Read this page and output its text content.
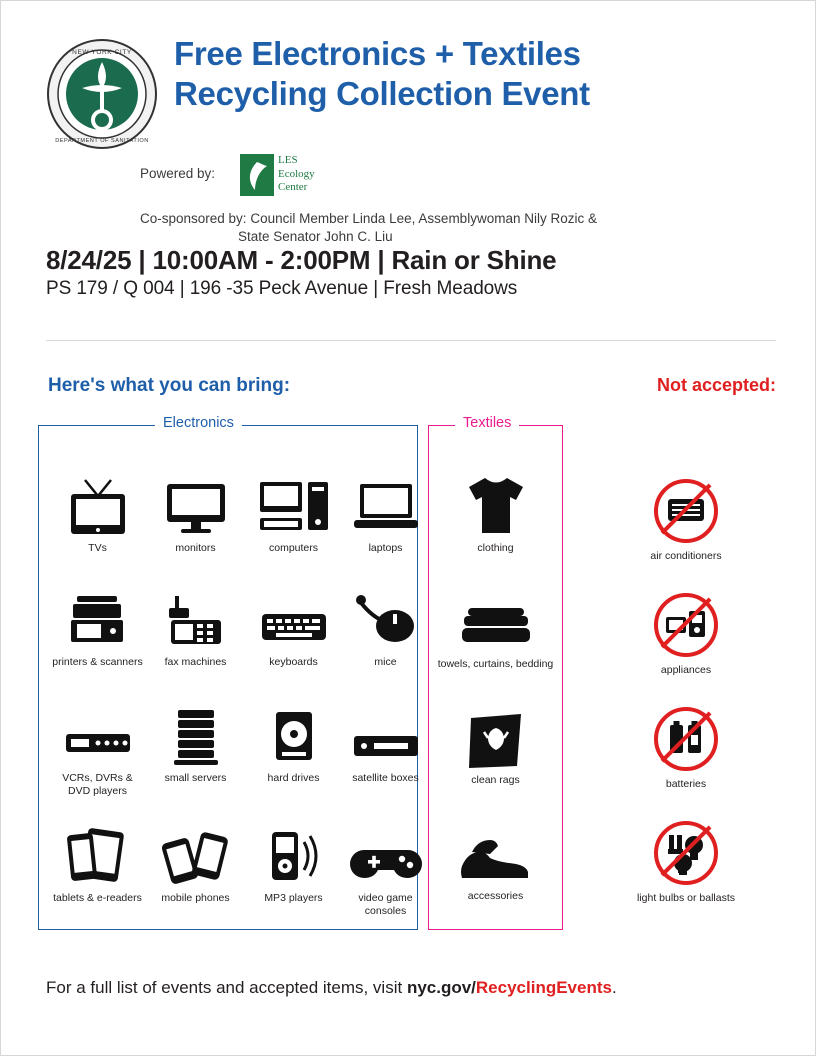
NEW YORK CITY
DEPARTMENT OF SANITATION
Free Electronics + Textiles
Recycling Collection Event
Powered by:
LES
Ecology
Center
Co-sponsored by: Council Member Linda Lee, Assemblywoman Nily Rozic &
State Senator John C. Liu
8/24/25 | 10:00AM - 2:00PM | Rain or Shine
PS 179 / Q 004 | 196 -35 Peck Avenue | Fresh Meadows
Here's what you can bring:	Not accepted:
Electronics
TVs	monitors	computers	laptops
printers & scanners	fax machines	keyboards	mice
VCRs, DVRs & DVD players
small servers	hard drives	satellite boxes
tablets & e-readers	mobile phones	MP3 players	video game consoles
Textiles
clothing
towels, curtains, bedding
clean rags
accessories
air conditioners
appliances
batteries
light bulbs or ballasts
For a full list of events and accepted items, visit nyc.gov/RecyclingEvents.
